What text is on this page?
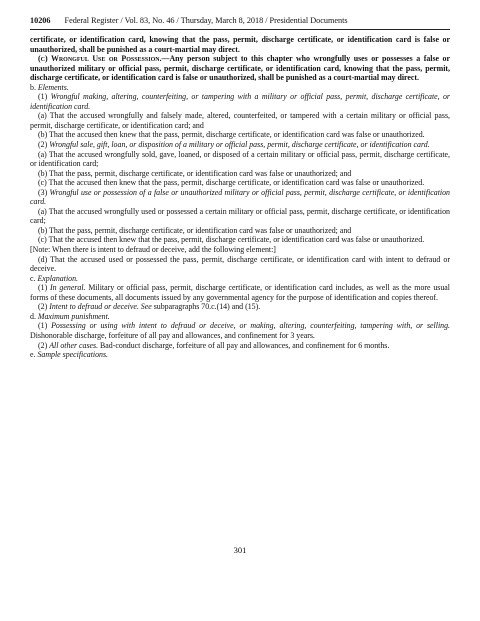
10206 Federal Register / Vol. 83, No. 46 / Thursday, March 8, 2018 / Presidential Documents

certificate, or identification card, knowing that the pass, permit, discharge certificate, or identification card is false or unauthorized, shall be punished as a court-martial may direct.

(c) Wrongful Use or Possession.—Any person subject to this chapter who wrongfully uses or possesses a false or unauthorized military or official pass, permit, discharge certificate, or identification card, knowing that the pass, permit, discharge certificate, or identification card is false or unauthorized, shall be punished as a court-martial may direct.

b. Elements.

(1) Wrongful making, altering, counterfeiting, or tampering with a military or official pass, permit, discharge certificate, or identification card.

(a) That the accused wrongfully and falsely made, altered, counterfeited, or tampered with a certain military or official pass, permit, discharge certificate, or identification card; and

(b) That the accused then knew that the pass, permit, discharge certificate, or identification card was false or unauthorized.

(2) Wrongful sale, gift, loan, or disposition of a military or official pass, permit, discharge certificate, or identification card.

(a) That the accused wrongfully sold, gave, loaned, or disposed of a certain military or official pass, permit, discharge certificate, or identification card;

(b) That the pass, permit, discharge certificate, or identification card was false or unauthorized; and

(c) That the accused then knew that the pass, permit, discharge certificate, or identification card was false or unauthorized.

(3) Wrongful use or possession of a false or unauthorized military or official pass, permit, discharge certificate, or identification card.

(a) That the accused wrongfully used or possessed a certain military or official pass, permit, discharge certificate, or identification card;

(b) That the pass, permit, discharge certificate, or identification card was false or unauthorized; and

(c) That the accused then knew that the pass, permit, discharge certificate, or identification card was false or unauthorized.

[Note: When there is intent to defraud or deceive, add the following element:]

(d) That the accused used or possessed the pass, permit, discharge certificate, or identification card with intent to defraud or deceive.

c. Explanation.

(1) In general. Military or official pass, permit, discharge certificate, or identification card includes, as well as the more usual forms of these documents, all documents issued by any governmental agency for the purpose of identification and copies thereof.

(2) Intent to defraud or deceive. See subparagraphs 70.c.(14) and (15).

d. Maximum punishment.

(1) Possessing or using with intent to defraud or deceive, or making, altering, counterfeiting, tampering with, or selling. Dishonorable discharge, forfeiture of all pay and allowances, and confinement for 3 years.

(2) All other cases. Bad-conduct discharge, forfeiture of all pay and allowances, and confinement for 6 months.

e. Sample specifications.

301
